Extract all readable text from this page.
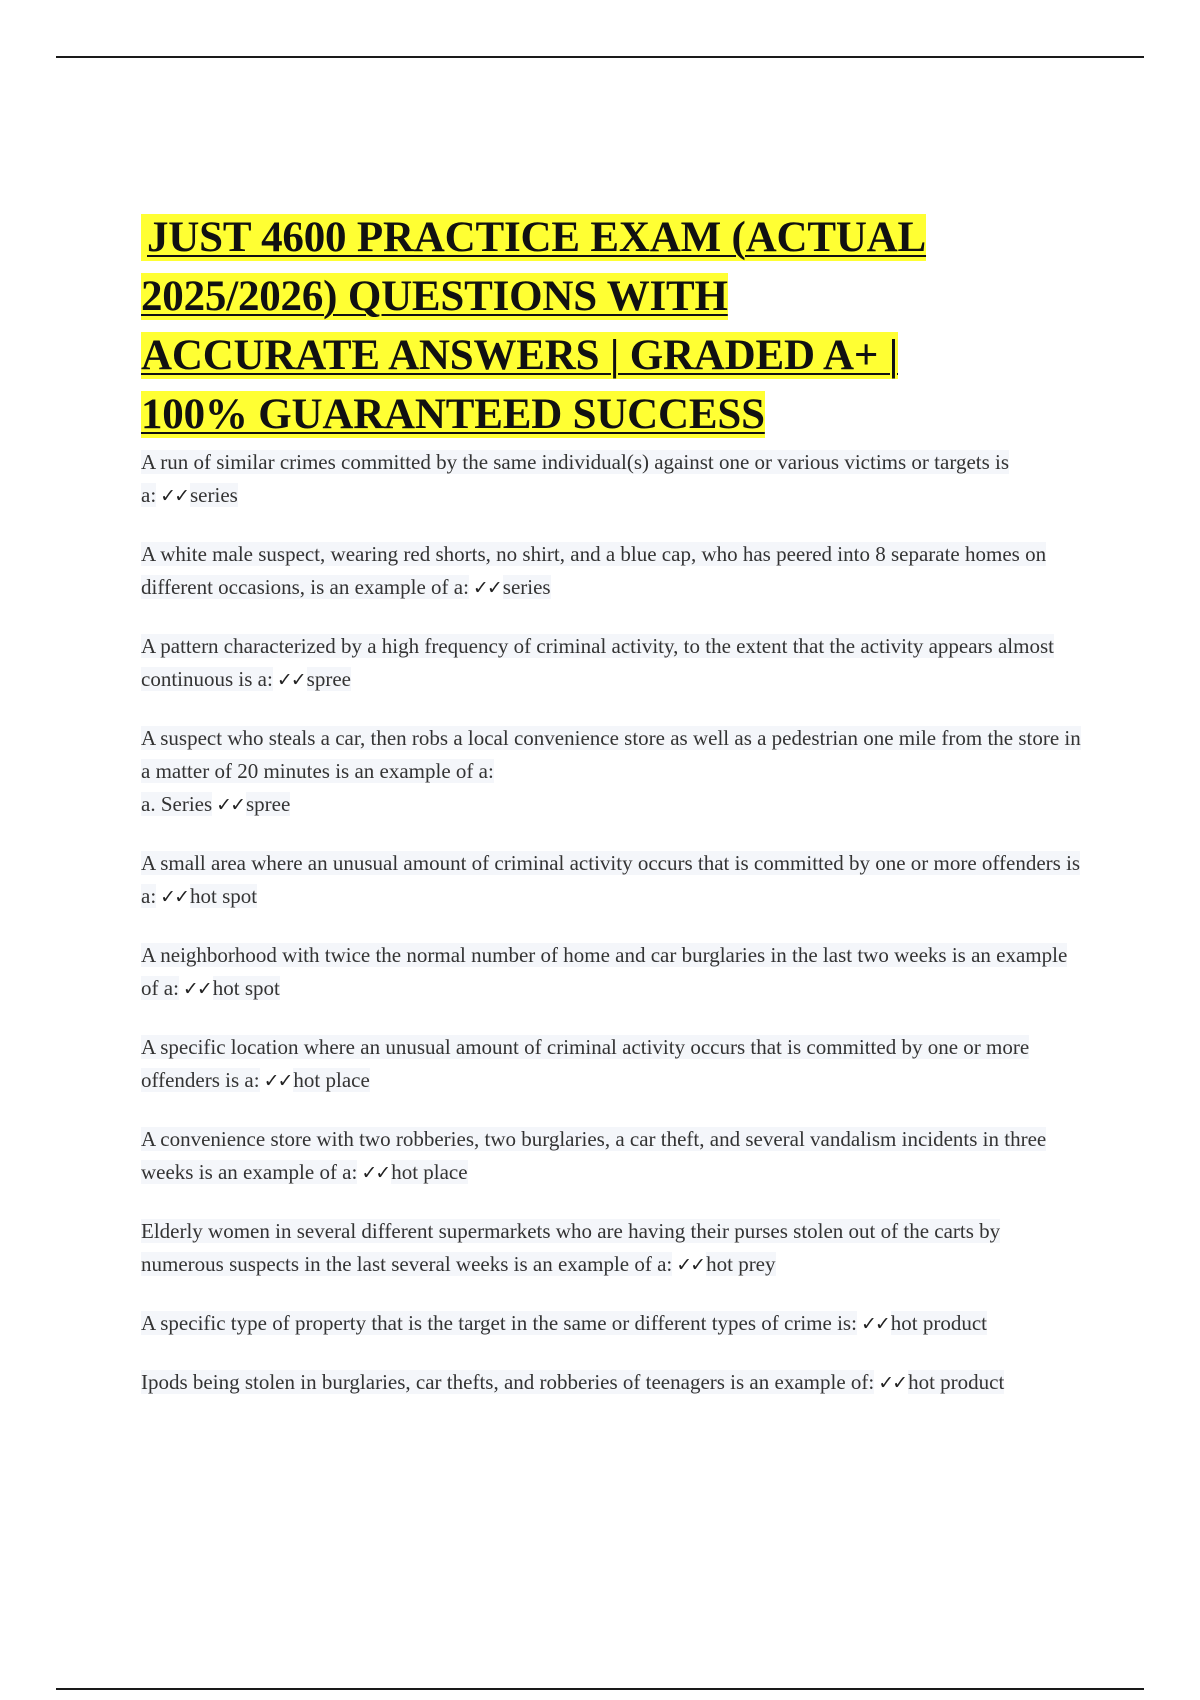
JUST 4600 PRACTICE EXAM (ACTUAL
2025/2026) QUESTIONS WITH
ACCURATE ANSWERS | GRADED A+ |
100% GUARANTEED SUCCESS
A run of similar crimes committed by the same individual(s) against one or various victims or targets is a: ✓✓series
A white male suspect, wearing red shorts, no shirt, and a blue cap, who has peered into 8 separate homes on different occasions, is an example of a: ✓✓series
A pattern characterized by a high frequency of criminal activity, to the extent that the activity appears almost continuous is a: ✓✓spree
A suspect who steals a car, then robs a local convenience store as well as a pedestrian one mile from the store in a matter of 20 minutes is an example of a:
a. Series ✓✓spree
A small area where an unusual amount of criminal activity occurs that is committed by one or more offenders is a: ✓✓hot spot
A neighborhood with twice the normal number of home and car burglaries in the last two weeks is an example of a: ✓✓hot spot
A specific location where an unusual amount of criminal activity occurs that is committed by one or more offenders is a: ✓✓hot place
A convenience store with two robberies, two burglaries, a car theft, and several vandalism incidents in three weeks is an example of a: ✓✓hot place
Elderly women in several different supermarkets who are having their purses stolen out of the carts by numerous suspects in the last several weeks is an example of a: ✓✓hot prey
A specific type of property that is the target in the same or different types of crime is: ✓✓hot product
Ipods being stolen in burglaries, car thefts, and robberies of teenagers is an example of: ✓✓hot product
